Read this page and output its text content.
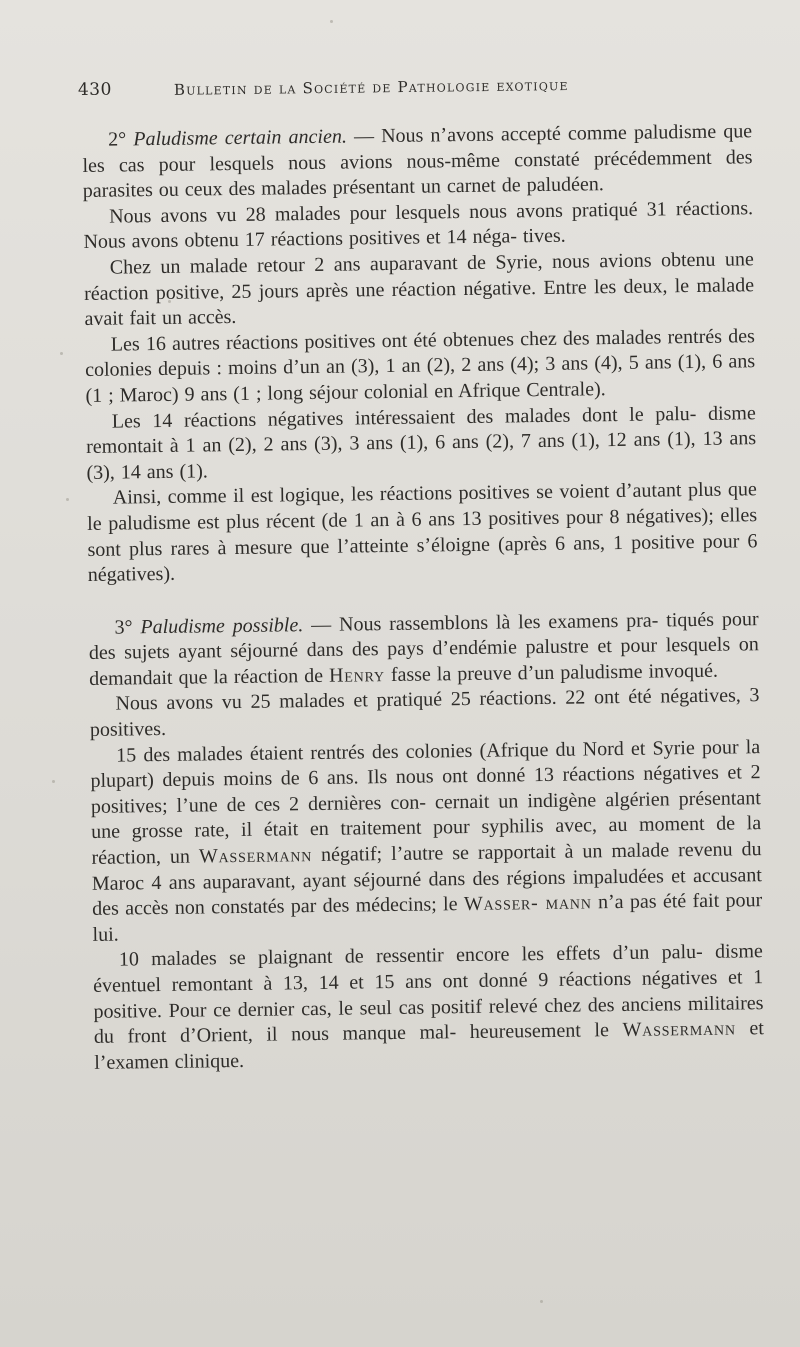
430	Bulletin de la Société de Pathologie exotique

2° Paludisme certain ancien. — Nous n’avons accepté comme paludisme que les cas pour lesquels nous avions nous-même constaté précédemment des parasites ou ceux des malades présentant un carnet de paludéen.

Nous avons vu 28 malades pour lesquels nous avons pratiqué 31 réactions. Nous avons obtenu 17 réactions positives et 14 néga- tives.

Chez un malade retour 2 ans auparavant de Syrie, nous avions obtenu une réaction positive, 25 jours après une réaction négative. Entre les deux, le malade avait fait un accès.

Les 16 autres réactions positives ont été obtenues chez des malades rentrés des colonies depuis : moins d’un an (3), 1 an (2), 2 ans (4); 3 ans (4), 5 ans (1), 6 ans (1 ; Maroc) 9 ans (1 ; long séjour colonial en Afrique Centrale).

Les 14 réactions négatives intéressaient des malades dont le palu- disme remontait à 1 an (2), 2 ans (3), 3 ans (1), 6 ans (2), 7 ans (1), 12 ans (1), 13 ans (3), 14 ans (1).

Ainsi, comme il est logique, les réactions positives se voient d’autant plus que le paludisme est plus récent (de 1 an à 6 ans 13 positives pour 8 négatives); elles sont plus rares à mesure que l’atteinte s’éloigne (après 6 ans, 1 positive pour 6 négatives).

3° Paludisme possible. — Nous rassemblons là les examens pra- tiqués pour des sujets ayant séjourné dans des pays d’endémie palustre et pour lesquels on demandait que la réaction de Henry fasse la preuve d’un paludisme invoqué.

Nous avons vu 25 malades et pratiqué 25 réactions. 22 ont été négatives, 3 positives.

15 des malades étaient rentrés des colonies (Afrique du Nord et Syrie pour la plupart) depuis moins de 6 ans. Ils nous ont donné 13 réactions négatives et 2 positives; l’une de ces 2 dernières con- cernait un indigène algérien présentant une grosse rate, il était en traitement pour syphilis avec, au moment de la réaction, un Wassermann négatif; l’autre se rapportait à un malade revenu du Maroc 4 ans auparavant, ayant séjourné dans des régions impaludées et accusant des accès non constatés par des médecins; le Wasser- mann n’a pas été fait pour lui.

10 malades se plaignant de ressentir encore les effets d’un palu- disme éventuel remontant à 13, 14 et 15 ans ont donné 9 réactions négatives et 1 positive. Pour ce dernier cas, le seul cas positif relevé chez des anciens militaires du front d’Orient, il nous manque mal- heureusement le Wassermann et l’examen clinique.
